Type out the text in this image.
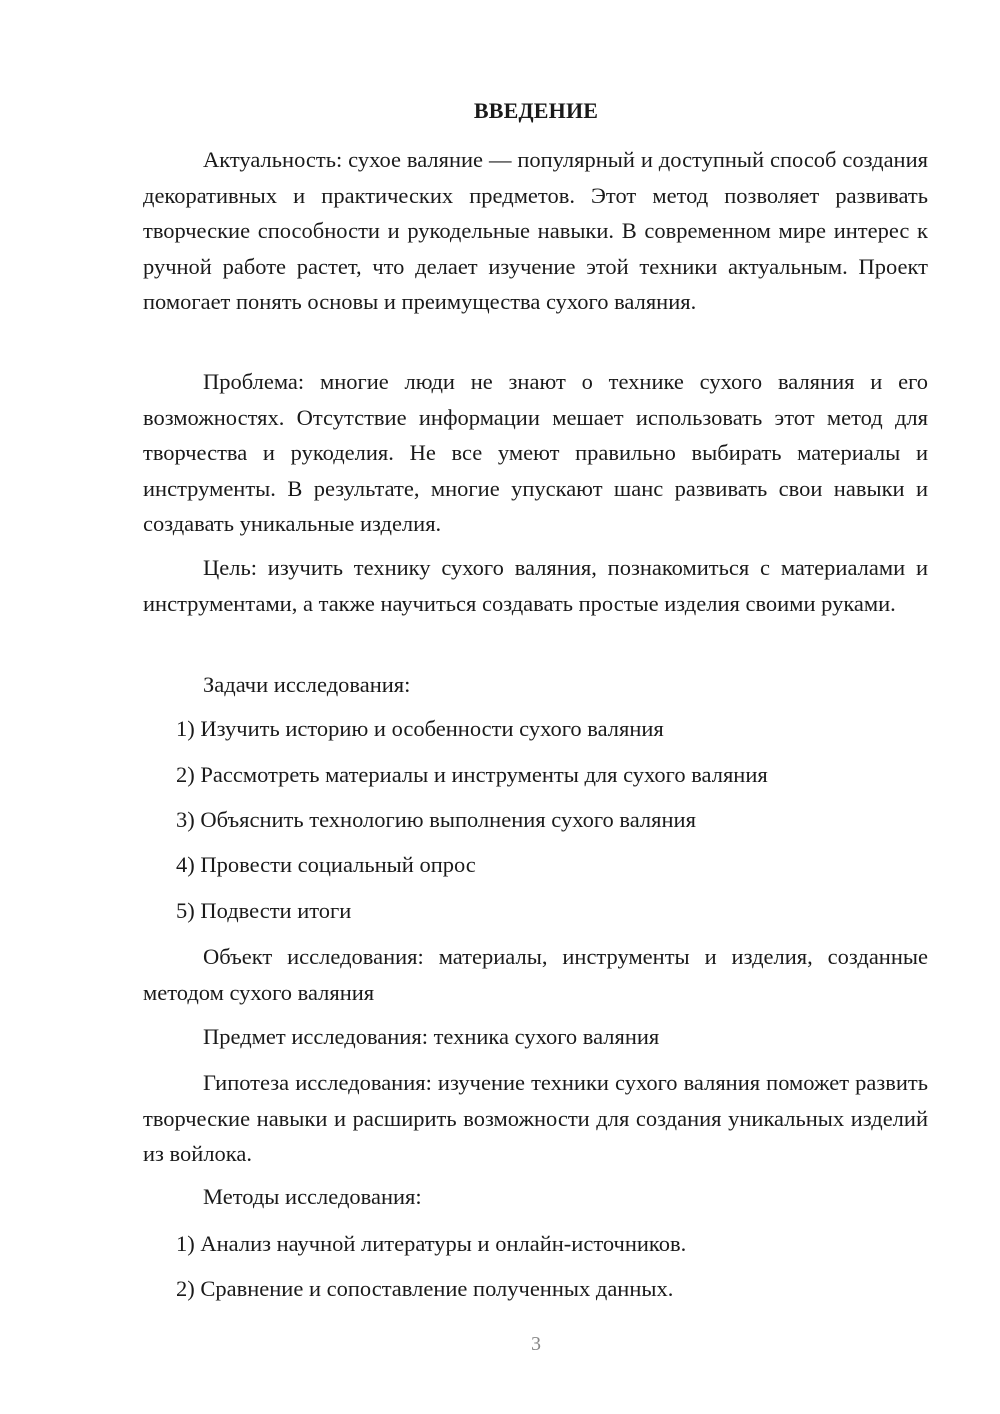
ВВЕДЕНИЕ

Актуальность: сухое валяние — популярный и доступный способ создания декоративных и практических предметов. Этот метод позволяет развивать творческие способности и рукодельные навыки. В современном мире интерес к ручной работе растет, что делает изучение этой техники актуальным. Проект помогает понять основы и преимущества сухого валяния.

Проблема: многие люди не знают о технике сухого валяния и его возможностях. Отсутствие информации мешает использовать этот метод для творчества и рукоделия. Не все умеют правильно выбирать материалы и инструменты. В результате, многие упускают шанс развивать свои навыки и создавать уникальные изделия.

Цель: изучить технику сухого валяния, познакомиться с материалами и инструментами, а также научиться создавать простые изделия своими руками.

Задачи исследования:
1) Изучить историю и особенности сухого валяния
2) Рассмотреть материалы и инструменты для сухого валяния
3) Объяснить технологию выполнения сухого валяния
4) Провести социальный опрос
5) Подвести итоги

Объект исследования: материалы, инструменты и изделия, созданные методом сухого валяния

Предмет исследования: техника сухого валяния

Гипотеза исследования: изучение техники сухого валяния поможет развить творческие навыки и расширить возможности для создания уникальных изделий из войлока.

Методы исследования:
1) Анализ научной литературы и онлайн-источников.
2) Сравнение и сопоставление полученных данных.
3
